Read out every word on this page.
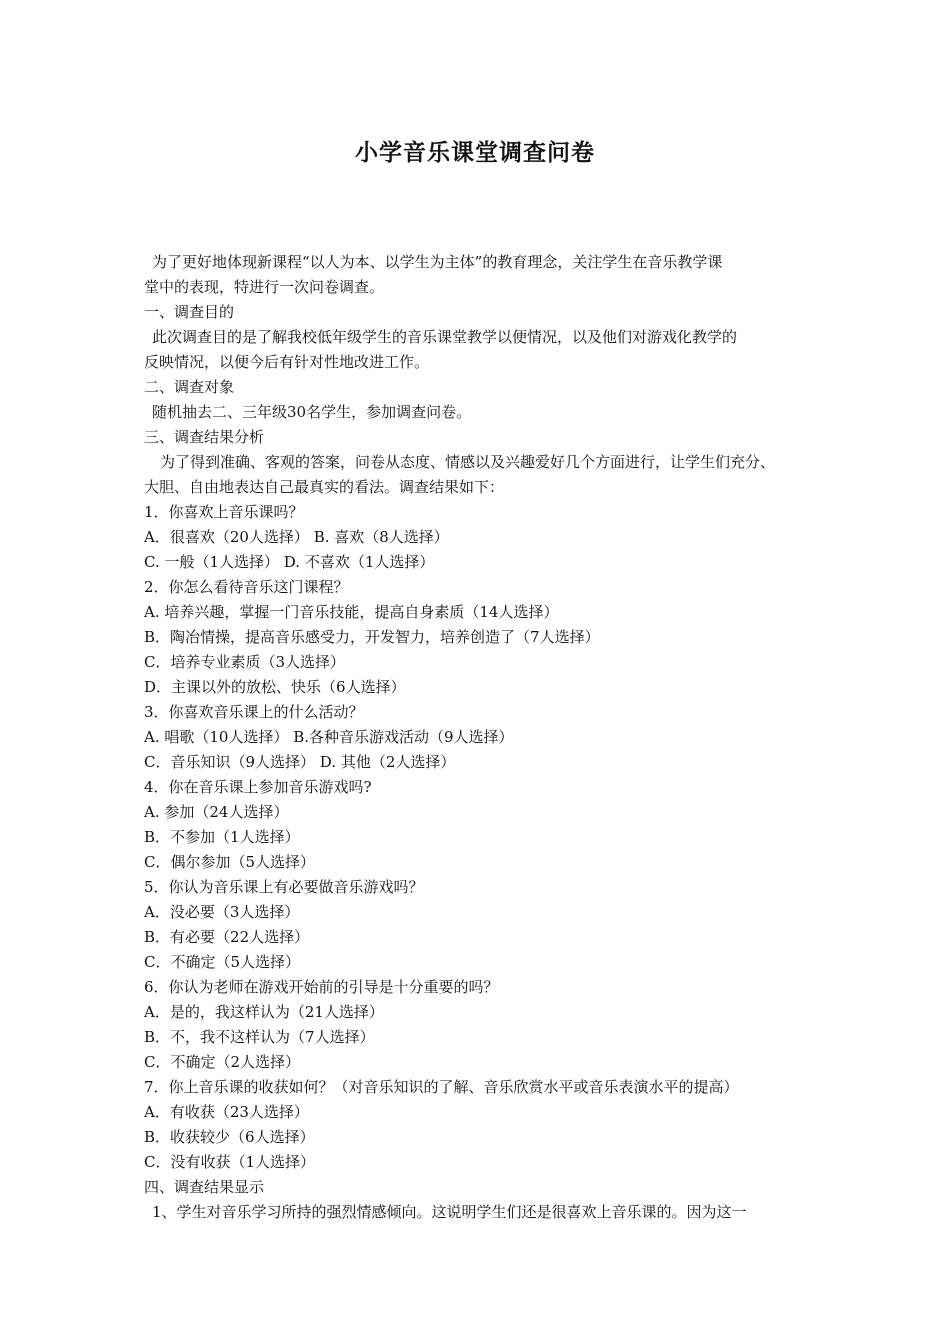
小学音乐课堂调查问卷
为了更好地体现新课程“以人为本、以学生为主体”的教育理念，关注学生在音乐教学课
堂中的表现，特进行一次问卷调查。
一、调查目的
此次调查目的是了解我校低年级学生的音乐课堂教学以便情况，以及他们对游戏化教学的
反映情况，以便今后有针对性地改进工作。
二、调查对象
随机抽去二、三年级30名学生，参加调查问卷。
三、调查结果分析
为了得到准确、客观的答案，问卷从态度、情感以及兴趣爱好几个方面进行，让学生们充分、
大胆、自由地表达自己最真实的看法。调查结果如下：
1．你喜欢上音乐课吗？
A．很喜欢（20人选择） B. 喜欢（8人选择）
C. 一般（1人选择） D. 不喜欢（1人选择）
2．你怎么看待音乐这门课程？
A. 培养兴趣，掌握一门音乐技能，提高自身素质（14人选择）
B．陶冶情操，提高音乐感受力，开发智力，培养创造了（7人选择）
C．培养专业素质（3人选择）
D．主课以外的放松、快乐（6人选择）
3．你喜欢音乐课上的什么活动？
A. 唱歌（10人选择） B.各种音乐游戏活动（9人选择）
C．音乐知识（9人选择） D. 其他（2人选择）
4．你在音乐课上参加音乐游戏吗?
A. 参加（24人选择）
B．不参加（1人选择）
C．偶尔参加（5人选择）
5．你认为音乐课上有必要做音乐游戏吗？
A．没必要（3人选择）
B．有必要（22人选择）
C．不确定（5人选择）
6．你认为老师在游戏开始前的引导是十分重要的吗？
A．是的，我这样认为（21人选择）
B．不，我不这样认为（7人选择）
C．不确定（2人选择）
7．你上音乐课的收获如何？（对音乐知识的了解、音乐欣赏水平或音乐表演水平的提高）
A．有收获（23人选择）
B．收获较少（6人选择）
C．没有收获（1人选择）
四、调查结果显示
1、学生对音乐学习所持的强烈情感倾向。这说明学生们还是很喜欢上音乐课的。因为这一
